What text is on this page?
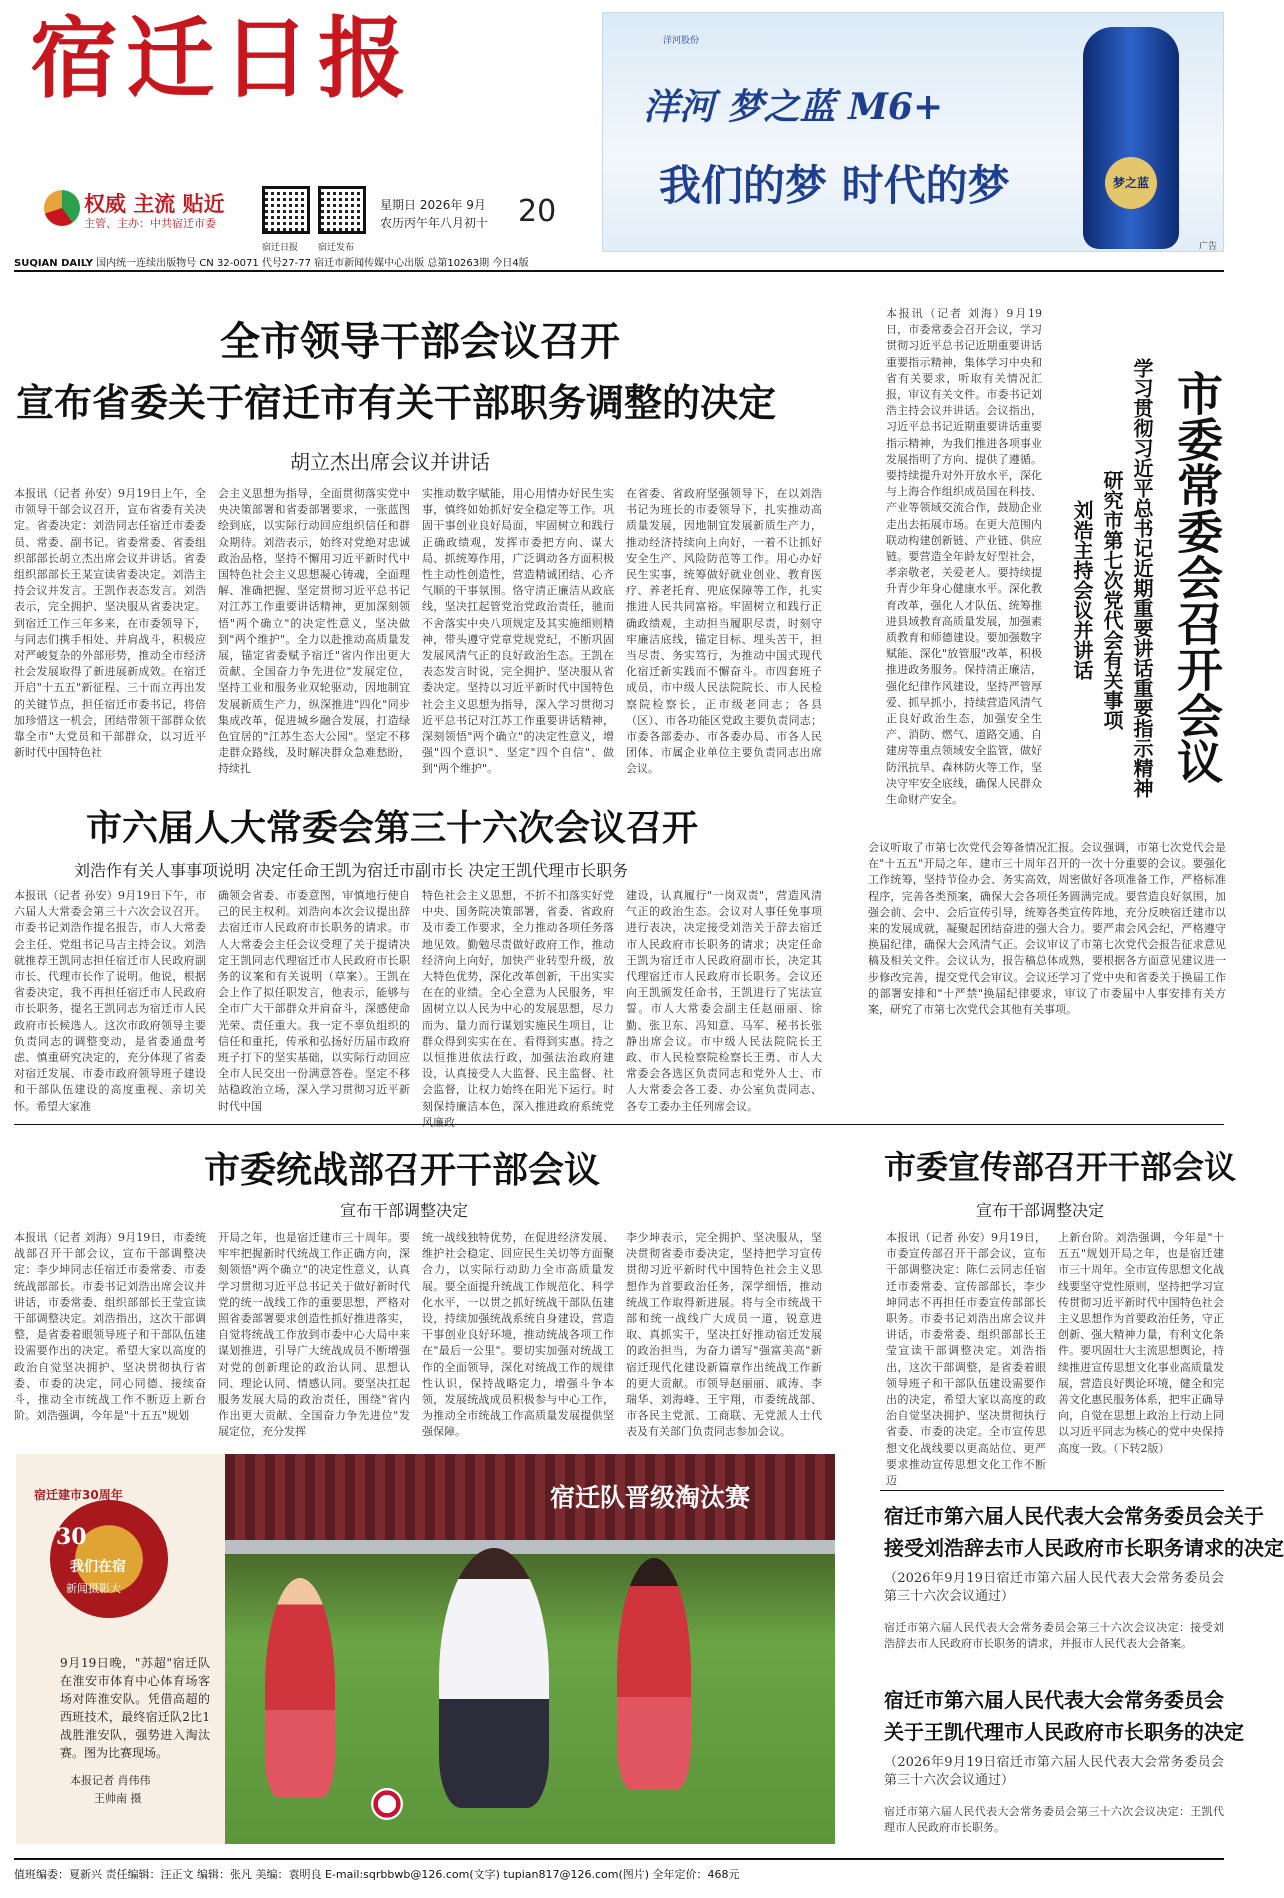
宿迁日报
权威 主流 贴近
主管、主办：中共宿迁市委
宿迁日报 宿迁发布
星期日 2026年 9月
农历丙午年八月初十 20
洋河股份
洋河 梦之蓝 M6+
我们的梦 时代的梦	梦之蓝
广告
SUQIAN DAILY 国内统一连续出版物号 CN 32-0071 代号27-77 宿迁市新闻传媒中心出版 总第10263期 今日4版
全市领导干部会议召开
宣布省委关于宿迁市有关干部职务调整的决定
胡立杰出席会议并讲话
本报讯（记者 孙安）9月19日上午，全市领导干部会议召开，宣布省委有关决定。省委决定：刘浩同志任宿迁市委委员、常委、副书记。省委常委、省委组织部部长胡立杰出席会议并讲话。省委组织部部长王某宣读省委决定。刘浩主持会议并发言。王凯作表态发言。刘浩表示，完全拥护、坚决服从省委决定。到宿迁工作三年多来，在市委领导下，与同志们携手相处、并肩战斗，积极应对严峻复杂的外部形势，推动全市经济社会发展取得了新进展新成效。在宿迁开启"十五五"新征程、三十而立再出发的关键节点，担任宿迁市委书记，将倍加珍惜这一机会，团结带领干部群众依靠全市"大党员和干部群众，以习近平新时代中国特色社
会主义思想为指导，全面贯彻落实党中央决策部署和省委部署要求，一张蓝图绘到底，以实际行动回应组织信任和群众期待。刘浩表示，始终对党绝对忠诚政治品格，坚持不懈用习近平新时代中国特色社会主义思想凝心铸魂，全面理解、准确把握、坚定贯彻习近平总书记对江苏工作重要讲话精神，更加深刻领悟"两个确立"的决定性意义，坚决做到"两个维护"。全力以赴推动高质量发展，锚定省委赋予宿迁"省内作出更大贡献、全国奋力争先进位"发展定位，坚持工业和服务业双轮驱动，因地制宜发展新质生产力，纵深推进"四化"同步集成改革，促进城乡融合发展，打造绿色宜居的"江苏生态大公园"。坚定不移走群众路线，及时解决群众急难愁盼，持续扎
实推动数字赋能，用心用情办好民生实事，慎终如始抓好安全稳定等工作。巩固干事创业良好局面，牢固树立和践行正确政绩观，发挥市委把方向、谋大局、抓统筹作用，广泛调动各方面积极性主动性创造性，营造精诚团结、心齐气顺的干事氛围。恪守清正廉洁从政底线，坚决扛起管党治党政治责任，驰而不舍落实中央八项规定及其实施细则精神，带头遵守党章党规党纪，不断巩固发展风清气正的良好政治生态。王凯在表态发言时说，完全拥护、坚决服从省委决定。坚持以习近平新时代中国特色社会主义思想为指导，深入学习贯彻习近平总书记对江苏工作重要讲话精神，深刻领悟"两个确立"的决定性意义，增强"四个意识"、坚定"四个自信"、做到"两个维护"。
在省委、省政府坚强领导下，在以刘浩书记为班长的市委领导下，扎实推动高质量发展，因地制宜发展新质生产力，推动经济持续向上向好，一着不让抓好安全生产、风险防范等工作。用心办好民生实事，统筹做好就业创业、教育医疗、养老托育、兜底保障等工作，扎实推进人民共同富裕。牢固树立和践行正确政绩观，主动担当履职尽责，时刻守牢廉洁底线，锚定目标、埋头苦干，担当尽责、务实笃行，为推动中国式现代化宿迁新实践而不懈奋斗。市四套班子成员，市中级人民法院院长、市人民检察院检察长，正市级老同志；各县（区）、市各功能区党政主要负责同志；市委各部委办、市各委办局、市各人民团体、市属企业单位主要负责同志出席会议。	市委常委会召开会议
学习贯彻习近平总书记近期重要讲话重要指示精神
研究市第七次党代会有关事项
刘浩主持会议并讲话
本报讯（记者 刘海）9月19日，市委常委会召开会议，学习贯彻习近平总书记近期重要讲话重要指示精神，集体学习中央和省有关要求，听取有关情况汇报，审议有关文件。市委书记刘浩主持会议并讲话。会议指出，习近平总书记近期重要讲话重要指示精神，为我们推进各项事业发展指明了方向、提供了遵循。要持续提升对外开放水平，深化与上海合作组织成员国在科技、产业等领域交流合作，鼓励企业走出去拓展市场。在更大范围内联动构建创新链、产业链、供应链。要营造全年龄友好型社会，孝亲敬老，关爱老人。要持续提升青少年身心健康水平。深化教育改革，强化人才队伍、统筹推进县域教育高质量发展，加强素质教育和师德建设。要加强数字赋能、深化"放管服"改革，积极推进政务服务。保持清正廉洁，强化纪律作风建设，坚持严管厚爱、抓早抓小，持续营造风清气正良好政治生态，加强安全生产、消防、燃气、道路交通、自建房等重点领域安全监管，做好防汛抗旱、森林防火等工作，坚决守牢安全底线，确保人民群众生命财产安全。
市六届人大常委会第三十六次会议召开
刘浩作有关人事事项说明 决定任命王凯为宿迁市副市长 决定王凯代理市长职务
本报讯（记者 孙安）9月19日下午，市六届人大常委会第三十六次会议召开。市委书记刘浩作提名报告，市人大常委会主任、党组书记马吉主持会议。刘浩就推荐王凯同志担任宿迁市人民政府副市长、代理市长作了说明。他说，根据省委决定，我不再担任宿迁市人民政府市长职务，提名王凯同志为宿迁市人民政府市长候选人。这次市政府领导主要负责同志的调整变动，是省委通盘考虑、慎重研究决定的，充分体现了省委对宿迁发展、市委市政府领导班子建设和干部队伍建设的高度重视、亲切关怀。希望大家准
确领会省委、市委意图，审慎地行使自己的民主权利。刘浩向本次会议提出辞去宿迁市人民政府市长职务的请求。市人大常委会主任会议受理了关于提请决定王凯同志代理宿迁市人民政府市长职务的议案和有关说明（草案）。王凯在会上作了拟任职发言，他表示，能够与全市广大干部群众并肩奋斗，深感使命光荣、责任重大。我一定不辜负组织的信任和重托，传承和弘扬好历届市政府班子打下的坚实基础，以实际行动回应全市人民交出一份满意答卷。坚定不移站稳政治立场，深入学习贯彻习近平新时代中国
特色社会主义思想，不折不扣落实好党中央、国务院决策部署，省委、省政府及市委工作要求，全力推动各项任务落地见效。勤勉尽责做好政府工作，推动经济向上向好，加快产业转型升级，放大特色优势，深化改革创新，干出实实在在的业绩。全心全意为人民服务，牢固树立以人民为中心的发展思想，尽力而为、量力而行谋划实施民生项目，让群众得到实实在在、看得到实惠。持之以恒推进依法行政，加强法治政府建设，认真接受人大监督、民主监督、社会监督，让权力始终在阳光下运行。时刻保持廉洁本色，深入推进政府系统党风廉政
建设，认真履行"一岗双责"，营造风清气正的政治生态。会议对人事任免事项进行表决，决定接受刘浩关于辞去宿迁市人民政府市长职务的请求；决定任命王凯为宿迁市人民政府副市长，决定其代理宿迁市人民政府市长职务。会议还向王凯颁发任命书，王凯进行了宪法宣誓。市人大常委会副主任赵丽丽、徐勤、张卫东、冯知意、马军、秘书长张静出席会议。市中级人民法院院长王政、市人民检察院检察长王勇、市人大常委会各选区负责同志和党外人士、市人大常委会各工委、办公室负责同志、各专工委办主任列席会议。
会议听取了市第七次党代会筹备情况汇报。会议强调，市第七次党代会是在"十五五"开局之年、建市三十周年召开的一次十分重要的会议。要强化工作统筹，坚持节俭办会、务实高效，周密做好各项准备工作，严格标准程序，完善各类预案，确保大会各项任务圆满完成。要营造良好氛围，加强会前、会中、会后宣传引导，统筹各类宣传阵地，充分反映宿迁建市以来的发展成就，凝聚起团结奋进的强大合力。要严肃会风会纪，严格遵守换届纪律，确保大会风清气正。会议审议了市第七次党代会报告征求意见稿及相关文件。会议认为，报告稿总体成熟，要根据各方面意见建议进一步修改完善，提交党代会审议。会议还学习了党中央和省委关于换届工作的部署安排和"十严禁"换届纪律要求，审议了市委届中人事安排有关方案，研究了市第七次党代会其他有关事项。
市委统战部召开干部会议
宣布干部调整决定
本报讯（记者 刘海）9月19日，市委统战部召开干部会议，宣布干部调整决定：李少坤同志任宿迁市委常委、市委统战部部长。市委书记刘浩出席会议并讲话，市委常委、组织部部长王莹宣读干部调整决定。刘浩指出，这次干部调整，是省委着眼领导班子和干部队伍建设需要作出的决定。希望大家以高度的政治自觉坚决拥护、坚决贯彻执行省委、市委的决定，同心同德、接续奋斗，推动全市统战工作不断迈上新台阶。刘浩强调，今年是"十五五"规划
开局之年，也是宿迁建市三十周年。要牢牢把握新时代统战工作正确方向，深刻领悟"两个确立"的决定性意义，认真学习贯彻习近平总书记关于做好新时代党的统一战线工作的重要思想，严格对照省委部署要求创造性抓好推进落实，自觉将统战工作放到市委中心大局中来谋划推进，引导广大统战成员不断增强对党的创新理论的政治认同、思想认同、理论认同、情感认同。要坚决扛起服务发展大局的政治责任，围绕"省内作出更大贡献、全国奋力争先进位"发展定位，充分发挥
统一战线独特优势，在促进经济发展、维护社会稳定、回应民生关切等方面聚合力，以实际行动助力全市高质量发展。要全面提升统战工作规范化、科学化水平，一以贯之抓好统战干部队伍建设，持续加强统战系统自身建设，营造干事创业良好环境，推动统战各项工作在"最后一公里"。要切实加强对统战工作的全面领导，深化对统战工作的规律性认识，保持战略定力，增强斗争本领，发展统战成员积极参与中心工作，为推动全市统战工作高质量发展提供坚强保障。
李少坤表示，完全拥护、坚决服从，坚决贯彻省委市委决定，坚持把学习宣传贯彻习近平新时代中国特色社会主义思想作为首要政治任务，深学细悟，推动统战工作取得新进展。将与全市统战干部和统一战线广大成员一道，锐意进取、真抓实干，坚决扛好推动宿迁发展的政治担当，为奋力谱写"强富美高"新宿迁现代化建设新篇章作出统战工作新的更大贡献。市领导赵丽丽、戚涛、李瑞华、刘海峰、王宇翔，市委统战部、市各民主党派、工商联、无党派人士代表及有关部门负责同志参加会议。
市委宣传部召开干部会议
宣布干部调整决定
本报讯（记者 孙安）9月19日，市委宣传部召开干部会议，宣布干部调整决定：陈仁云同志任宿迁市委常委、宣传部部长，李少坤同志不再担任市委宣传部部长职务。市委书记刘浩出席会议并讲话，市委常委、组织部部长王莹宣读干部调整决定。刘浩指出，这次干部调整，是省委着眼领导班子和干部队伍建设需要作出的决定，希望大家以高度的政治自觉坚决拥护、坚决贯彻执行省委、市委的决定。全市宣传思想文化战线要以更高站位、更严要求推动宣传思想文化工作不断迈
上新台阶。刘浩强调，今年是"十五五"规划开局之年，也是宿迁建市三十周年。全市宣传思想文化战线要坚守党性原则，坚持把学习宣传贯彻习近平新时代中国特色社会主义思想作为首要政治任务，守正创新、强大精神力量，有利文化条件。要巩固壮大主流思想舆论，持续推进宣传思想文化事业高质量发展，营造良好舆论环境，健全和完善文化惠民服务体系，把牢正确导向，自觉在思想上政治上行动上同以习近平同志为核心的党中央保持高度一致。（下转2版）
宿迁市第六届人民代表大会常务委员会关于
接受刘浩辞去市人民政府市长职务请求的决定
（2026年9月19日宿迁市第六届人民代表大会常务委员会第三十六次会议通过）
宿迁市第六届人民代表大会常务委员会第三十六次会议决定：接受刘浩辞去市人民政府市长职务的请求，并报市人民代表大会备案。
宿迁市第六届人民代表大会常务委员会
关于王凯代理市人民政府市长职务的决定
（2026年9月19日宿迁市第六届人民代表大会常务委员会第三十六次会议通过）
宿迁市第六届人民代表大会常务委员会第三十六次会议决定：王凯代理市人民政府市长职务。
宿迁建市30周年
30
我们在宿
新闻摄影大
9月19日晚，"苏超"宿迁队在淮安市体育中心体育场客场对阵淮安队。凭借高超的西班技术，最终宿迁队2比1战胜淮安队，强势进入淘汰赛。图为比赛现场。
本报记者 肖伟伟
王帅南 摄
宿迁队晋级淘汰赛
值班编委：夏新兴 责任编辑：汪正文 编辑：张凡 美编：袁明良 E-mail:sqrbbwb@126.com(文字) tupian817@126.com(图片) 全年定价：468元
